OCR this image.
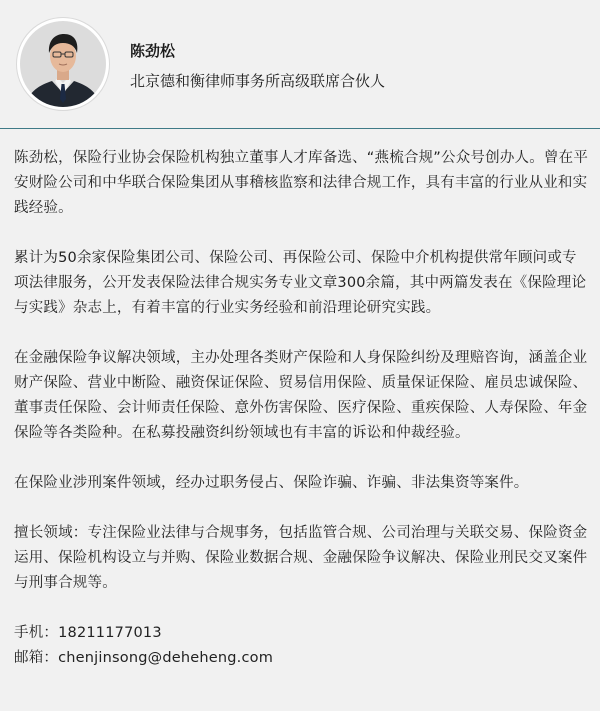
陈劲松
北京德和衡律师事务所高级联席合伙人

陈劲松，保险行业协会保险机构独立董事人才库备选、“燕梳合规”公众号创办人。曾在平安财险公司和中华联合保险集团从事稽核监察和法律合规工作，具有丰富的行业从业和实践经验。

累计为50余家保险集团公司、保险公司、再保险公司、保险中介机构提供常年顾问或专项法律服务，公开发表保险法律合规实务专业文章300余篇，其中两篇发表在《保险理论与实践》杂志上，有着丰富的行业实务经验和前沿理论研究实践。

在金融保险争议解决领域，主办处理各类财产保险和人身保险纠纷及理赔咨询，涵盖企业财产保险、营业中断险、融资保证保险、贸易信用保险、质量保证保险、雇员忠诚保险、董事责任保险、会计师责任保险、意外伤害保险、医疗保险、重疾保险、人寿保险、年金保险等各类险种。在私募投融资纠纷领域也有丰富的诉讼和仲裁经验。

在保险业涉刑案件领域，经办过职务侵占、保险诈骗、诈骗、非法集资等案件。

擅长领域：专注保险业法律与合规事务，包括监管合规、公司治理与关联交易、保险资金运用、保险机构设立与并购、保险业数据合规、金融保险争议解决、保险业刑民交叉案件与刑事合规等。

手机：18211177013

邮箱：chenjinsong@deheheng.com
